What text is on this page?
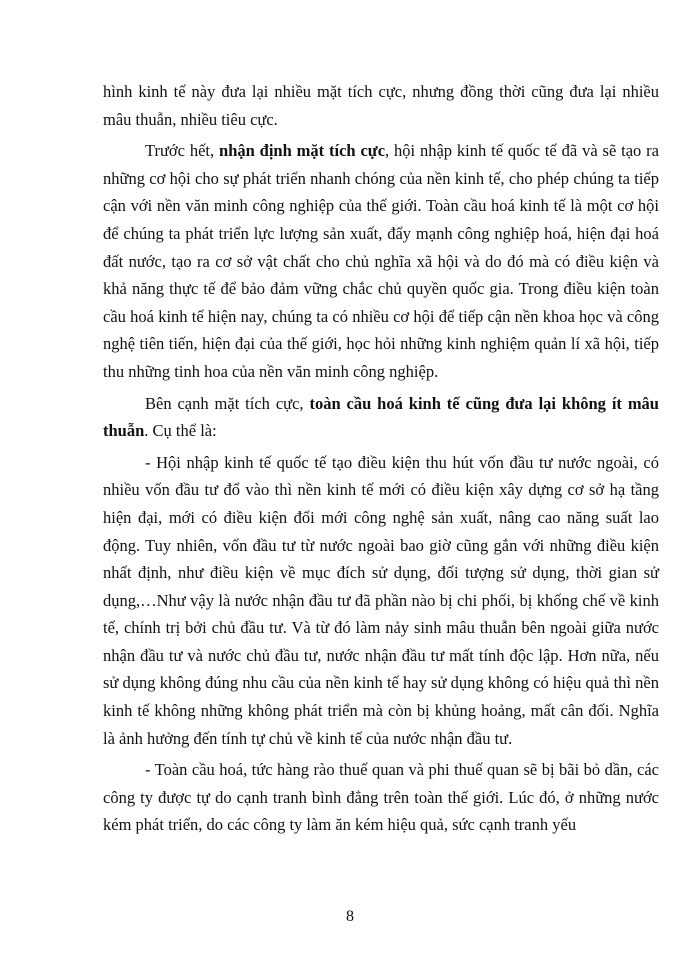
hình kinh tế này đưa lại nhiều mặt tích cực, nhưng đồng thời cũng đưa lại nhiều mâu thuẫn, nhiều tiêu cực.

Trước hết, nhận định mặt tích cực, hội nhập kinh tế quốc tế đã và sẽ tạo ra những cơ hội cho sự phát triển nhanh chóng của nền kinh tế, cho phép chúng ta tiếp cận với nền văn minh công nghiệp của thế giới. Toàn cầu hoá kinh tế là một cơ hội để chúng ta phát triển lực lượng sản xuất, đẩy mạnh công nghiệp hoá, hiện đại hoá đất nước, tạo ra cơ sở vật chất cho chủ nghĩa xã hội và do đó mà có điều kiện và khả năng thực tế để bảo đảm vững chắc chủ quyền quốc gia. Trong điều kiện toàn cầu hoá kinh tế hiện nay, chúng ta có nhiều cơ hội để tiếp cận nền khoa học và công nghệ tiên tiến, hiện đại của thế giới, học hỏi những kinh nghiệm quản lí xã hội, tiếp thu những tinh hoa của nền văn minh công nghiệp.

Bên cạnh mặt tích cực, toàn cầu hoá kinh tế cũng đưa lại không ít mâu thuẫn. Cụ thể là:

- Hội nhập kinh tế quốc tế tạo điều kiện thu hút vốn đầu tư nước ngoài, có nhiều vốn đầu tư đổ vào thì nền kinh tế mới có điều kiện xây dựng cơ sở hạ tầng hiện đại, mới có điều kiện đổi mới công nghệ sản xuất, nâng cao năng suất lao động. Tuy nhiên, vốn đầu tư từ nước ngoài bao giờ cũng gắn với những điều kiện nhất định, như điều kiện về mục đích sử dụng, đối tượng sử dụng, thời gian sử dụng,…Như vậy là nước nhận đầu tư đã phần nào bị chi phối, bị khống chế về kinh tế, chính trị bởi chủ đầu tư. Và từ đó làm nảy sinh mâu thuẫn bên ngoài giữa nước nhận đầu tư và nước chủ đầu tư, nước nhận đầu tư mất tính độc lập. Hơn nữa, nếu sử dụng không đúng nhu cầu của nền kinh tế hay sử dụng không có hiệu quả thì nền kinh tế không những không phát triển mà còn bị khủng hoảng, mất cân đối. Nghĩa là ảnh hưởng đến tính tự chủ về kinh tế của nước nhận đầu tư.

- Toàn cầu hoá, tức hàng rào thuế quan và phi thuế quan sẽ bị bãi bỏ dần, các công ty được tự do cạnh tranh bình đẳng trên toàn thế giới. Lúc đó, ở những nước kém phát triển, do các công ty làm ăn kém hiệu quả, sức cạnh tranh yếu

8
